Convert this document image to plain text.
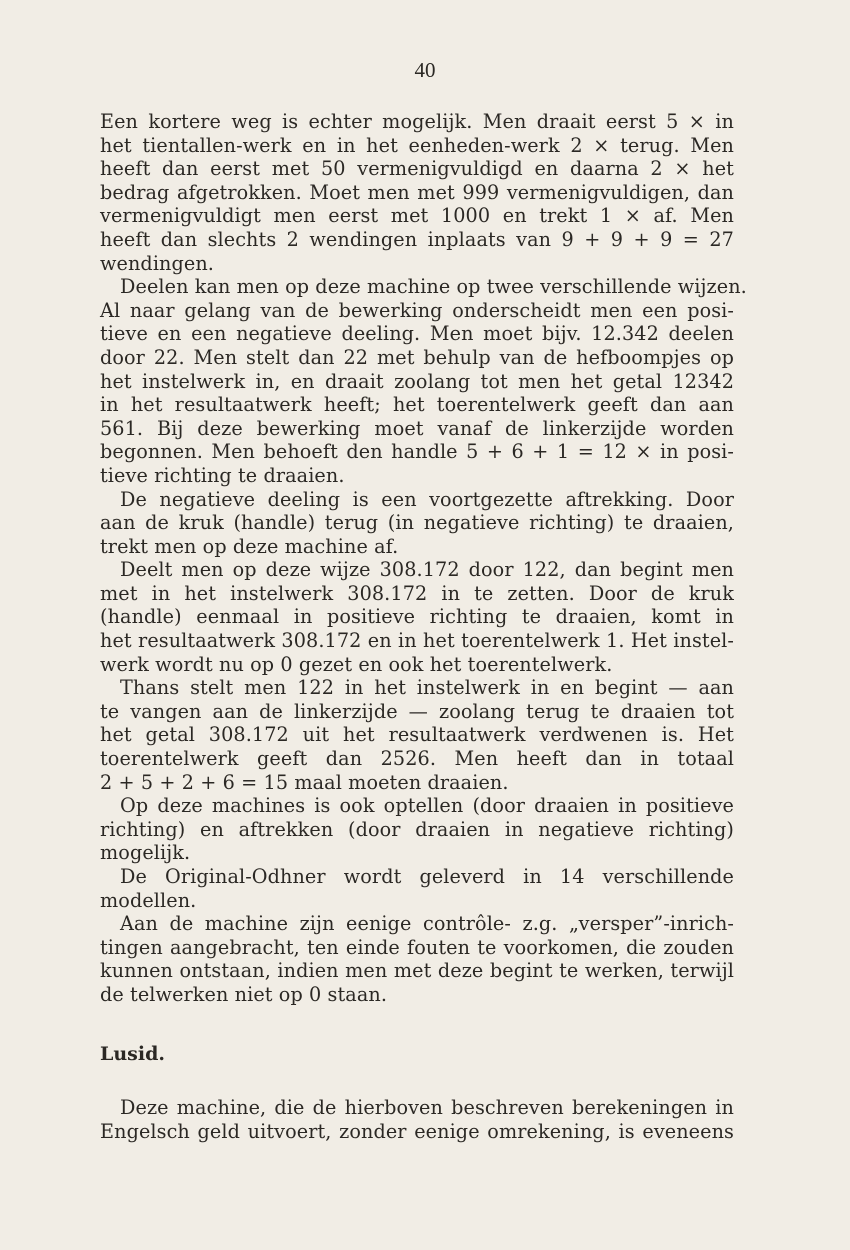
40
Een kortere weg is echter mogelijk. Men draait eerst 5 × in
het tientallen-werk en in het eenheden-werk 2 × terug. Men
heeft dan eerst met 50 vermenigvuldigd en daarna 2 × het
bedrag afgetrokken. Moet men met 999 vermenigvuldigen, dan
vermenigvuldigt men eerst met 1000 en trekt 1 × af. Men
heeft dan slechts 2 wendingen inplaats van 9 + 9 + 9 = 27
wendingen.
Deelen kan men op deze machine op twee verschillende wijzen.
Al naar gelang van de bewerking onderscheidt men een posi-
tieve en een negatieve deeling. Men moet bijv. 12.342 deelen
door 22. Men stelt dan 22 met behulp van de hefboompjes op
het instelwerk in, en draait zoolang tot men het getal 12342
in het resultaatwerk heeft; het toerentelwerk geeft dan aan
561. Bij deze bewerking moet vanaf de linkerzijde worden
begonnen. Men behoeft den handle 5 + 6 + 1 = 12 × in posi-
tieve richting te draaien.
De negatieve deeling is een voortgezette aftrekking. Door
aan de kruk (handle) terug (in negatieve richting) te draaien,
trekt men op deze machine af.
Deelt men op deze wijze 308.172 door 122, dan begint men
met in het instelwerk 308.172 in te zetten. Door de kruk
(handle) eenmaal in positieve richting te draaien, komt in
het resultaatwerk 308.172 en in het toerentelwerk 1. Het instel-
werk wordt nu op 0 gezet en ook het toerentelwerk.
Thans stelt men 122 in het instelwerk in en begint — aan
te vangen aan de linkerzijde — zoolang terug te draaien tot
het getal 308.172 uit het resultaatwerk verdwenen is. Het
toerentelwerk geeft dan 2526. Men heeft dan in totaal
2 + 5 + 2 + 6 = 15 maal moeten draaien.
Op deze machines is ook optellen (door draaien in positieve
richting) en aftrekken (door draaien in negatieve richting)
mogelijk.
De Original-Odhner wordt geleverd in 14 verschillende
modellen.
Aan de machine zijn eenige contrôle- z.g. „versper”-inrich-
tingen aangebracht, ten einde fouten te voorkomen, die zouden
kunnen ontstaan, indien men met deze begint te werken, terwijl
de telwerken niet op 0 staan.
Lusid.
Deze machine, die de hierboven beschreven berekeningen in
Engelsch geld uitvoert, zonder eenige omrekening, is eveneens
